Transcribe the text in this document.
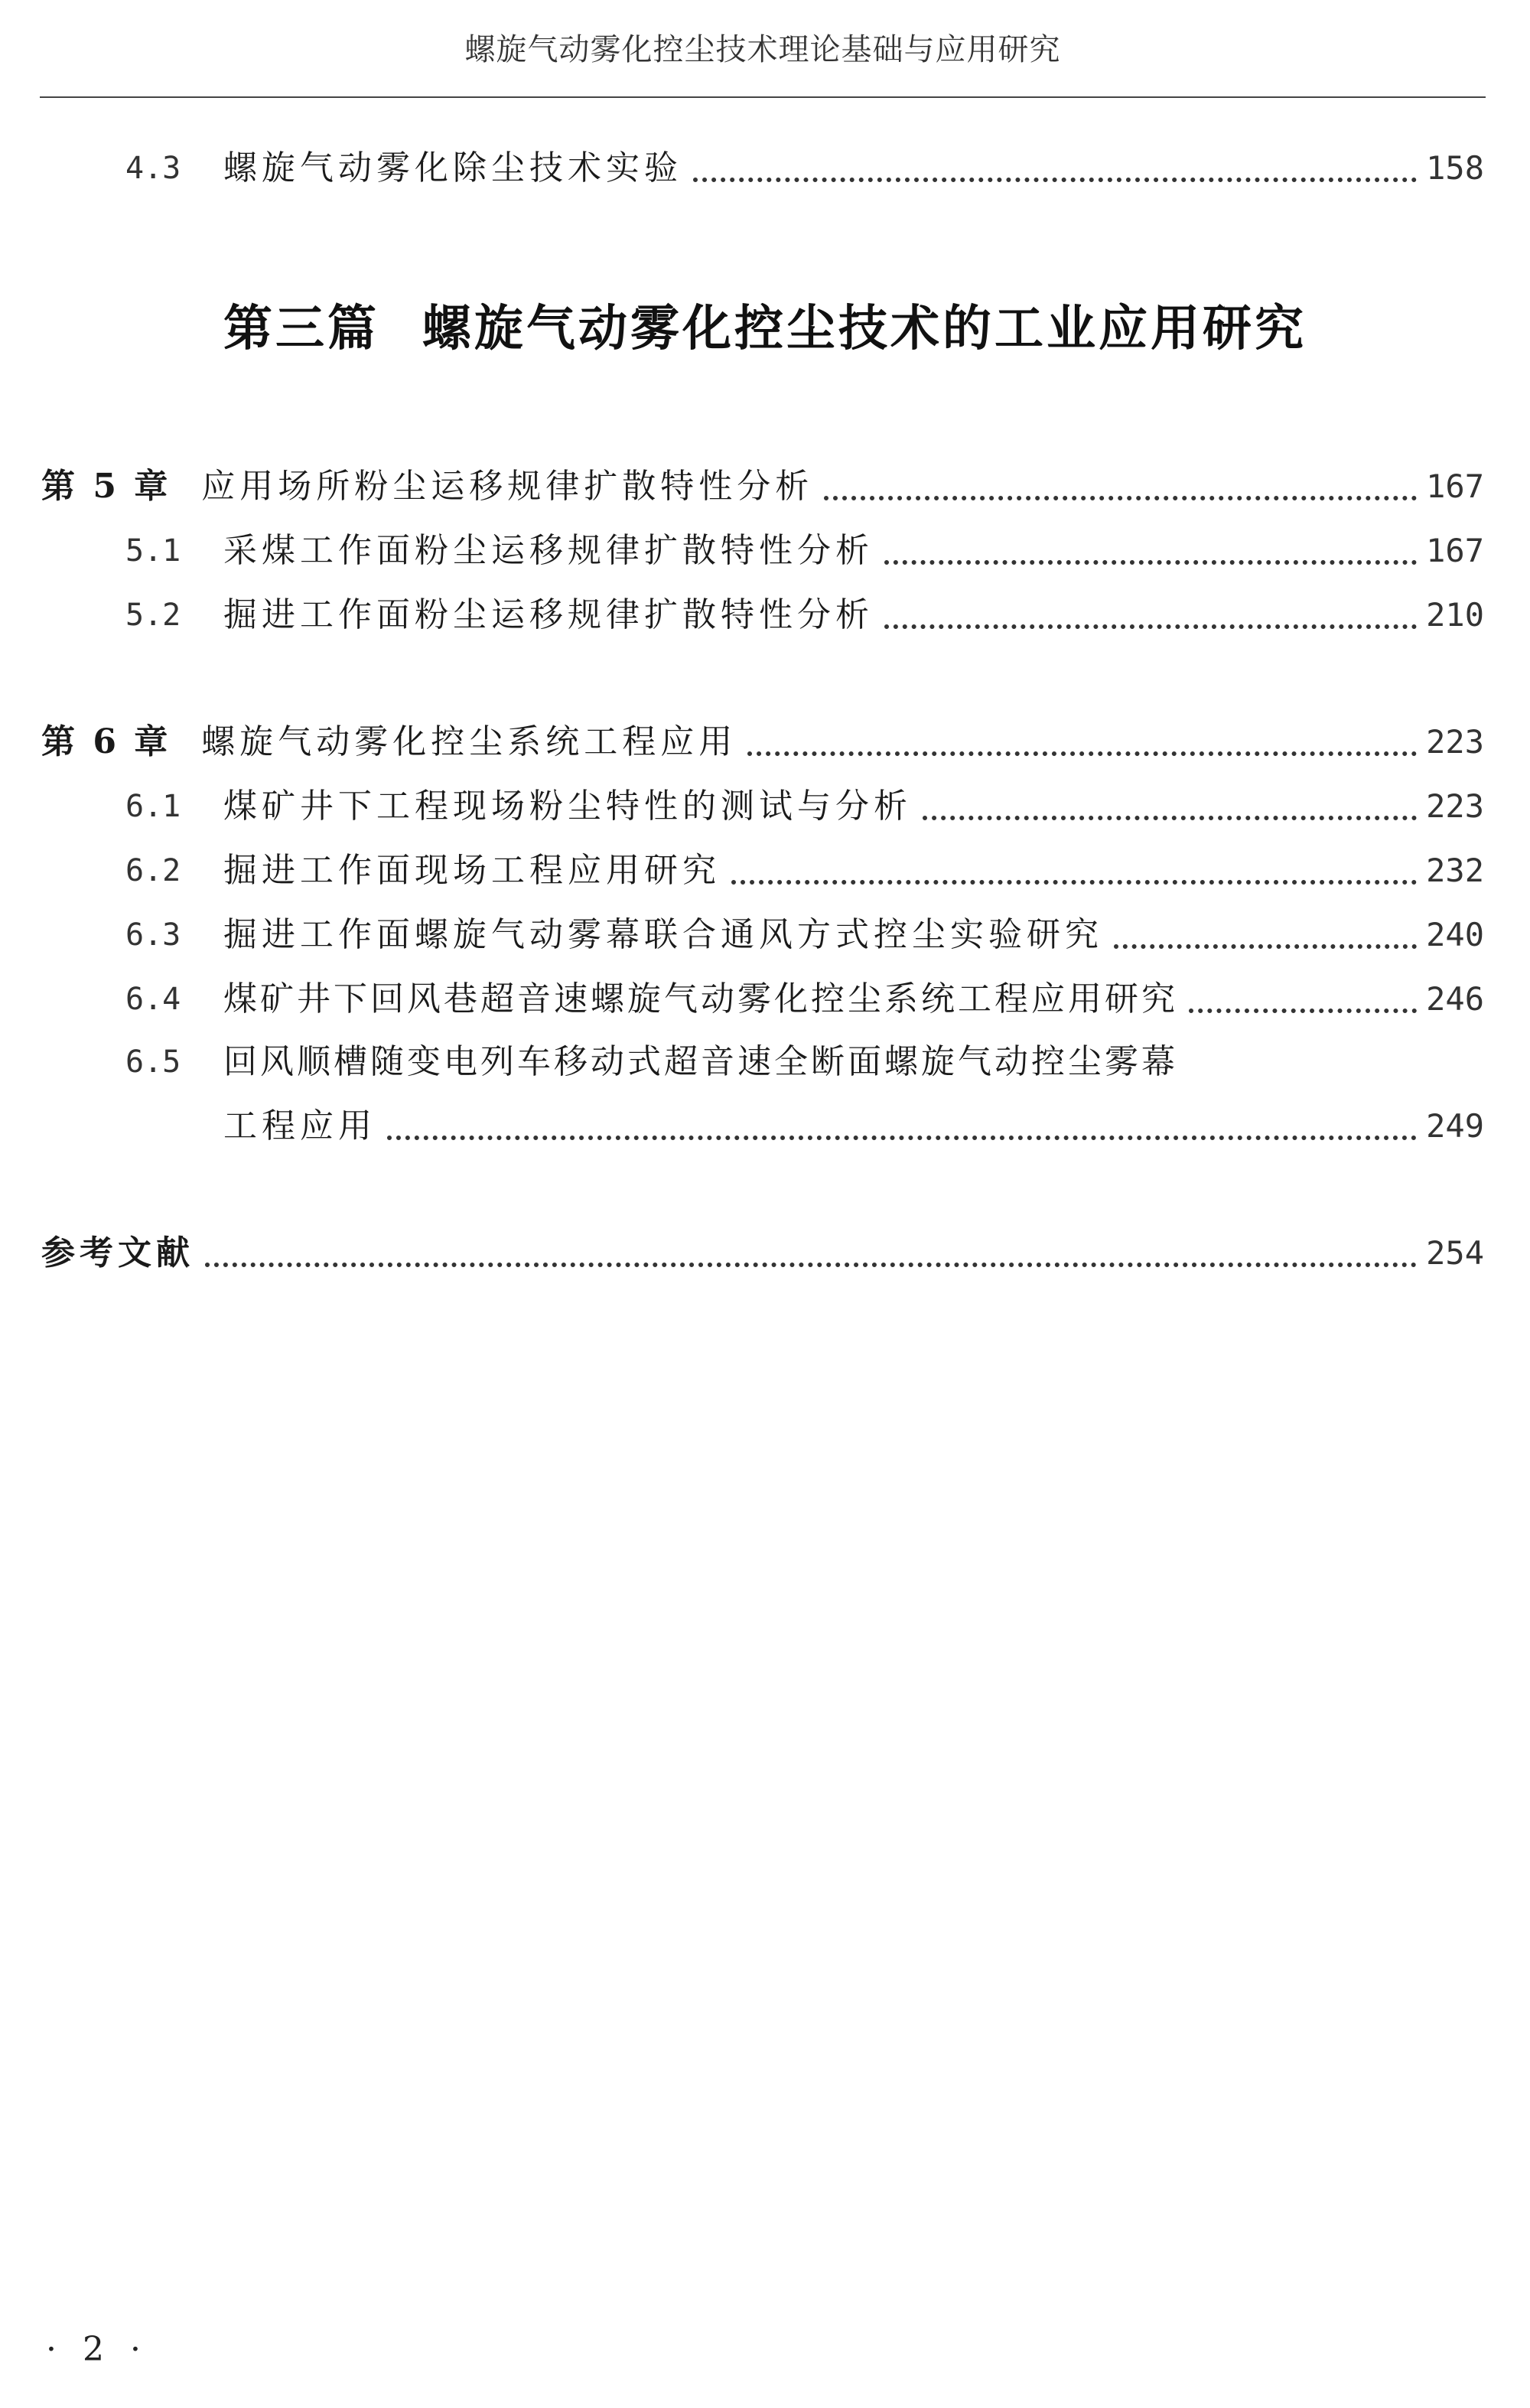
螺旋气动雾化控尘技术理论基础与应用研究
4.3	螺旋气动雾化除尘技术实验	158
第三篇 螺旋气动雾化控尘技术的工业应用研究
第 5 章 应用场所粉尘运移规律扩散特性分析	167
5.1	采煤工作面粉尘运移规律扩散特性分析	167
5.2	掘进工作面粉尘运移规律扩散特性分析	210
第 6 章 螺旋气动雾化控尘系统工程应用	223
6.1	煤矿井下工程现场粉尘特性的测试与分析	223
6.2	掘进工作面现场工程应用研究	232
6.3	掘进工作面螺旋气动雾幕联合通风方式控尘实验研究	240
6.4	煤矿井下回风巷超音速螺旋气动雾化控尘系统工程应用研究	246
6.5	回风顺槽随变电列车移动式超音速全断面螺旋气动控尘雾幕
工程应用	249
参考文献	254
· 2 ·
